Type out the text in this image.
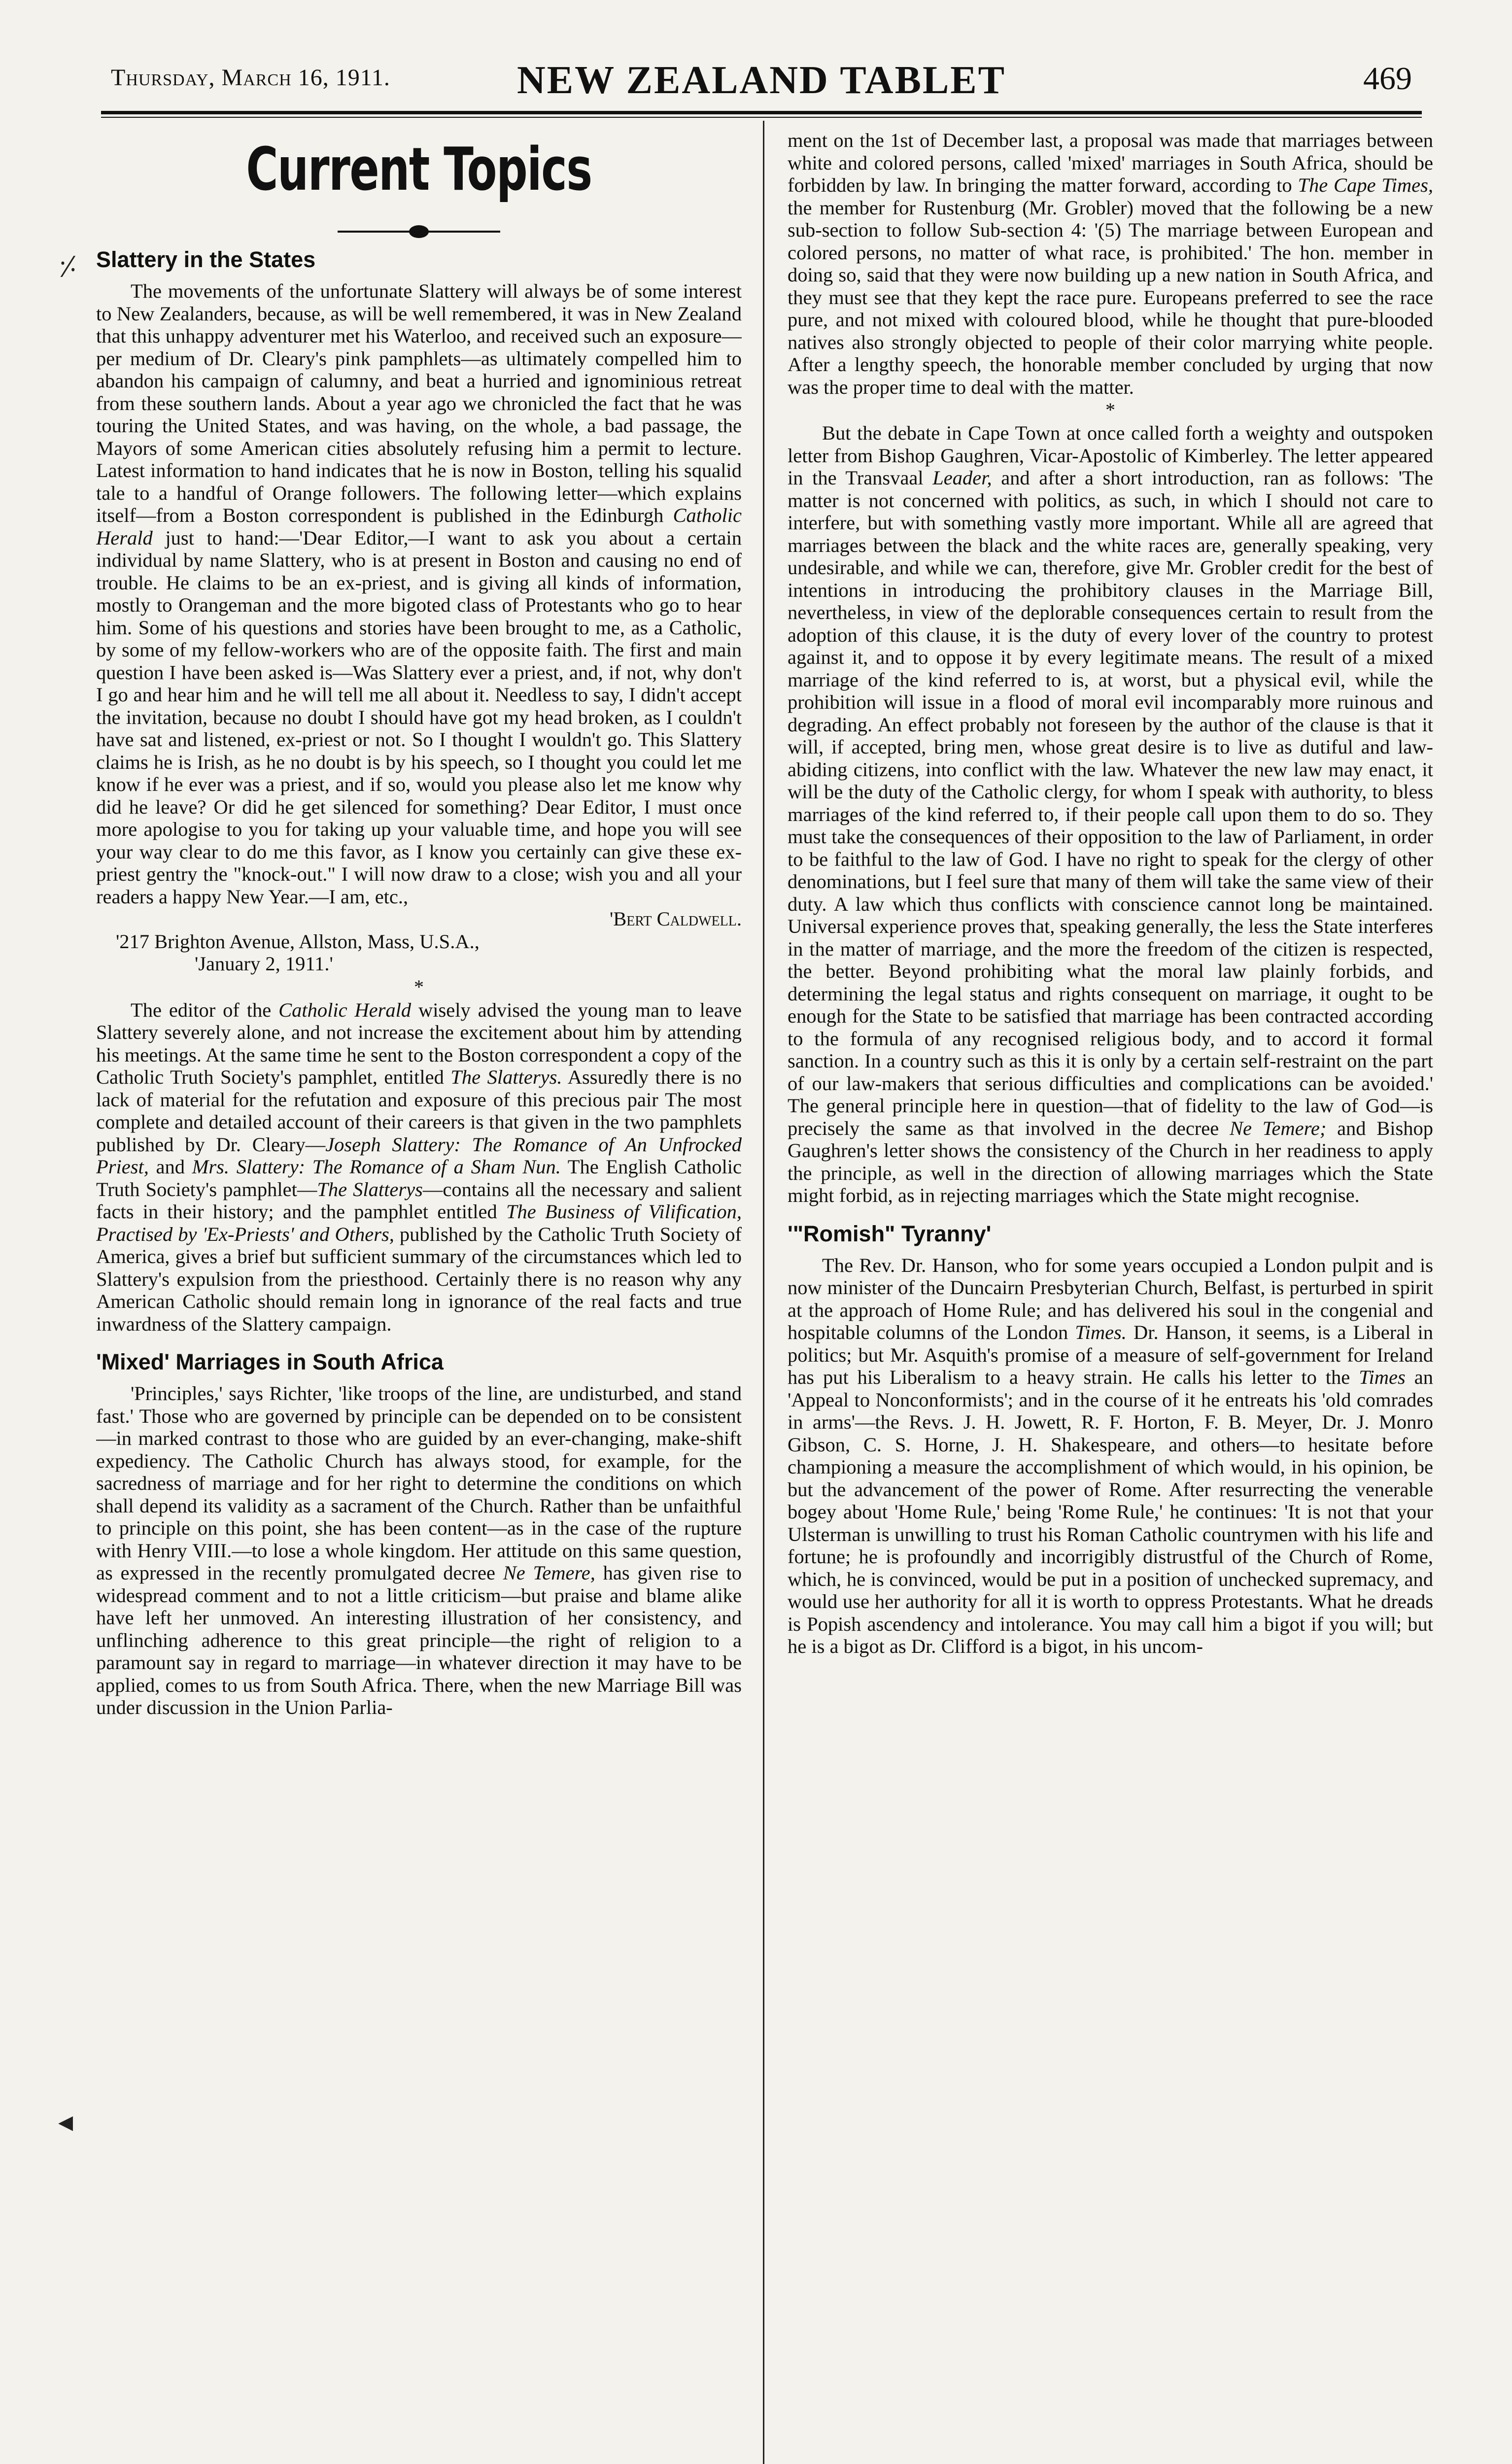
Thursday, March 16, 1911.	NEW ZEALAND TABLET	469
⸓
◂
Current Topics
Slattery in the States

The movements of the unfortunate Slattery will always be of some interest to New Zealanders, because, as will be well remembered, it was in New Zealand that this unhappy adventurer met his Waterloo, and received such an exposure—per medium of Dr. Cleary's pink pamphlets—as ultimately compelled him to abandon his campaign of calumny, and beat a hurried and ignominious retreat from these southern lands. About a year ago we chronicled the fact that he was touring the United States, and was having, on the whole, a bad passage, the Mayors of some American cities absolutely refusing him a permit to lecture. Latest information to hand indicates that he is now in Boston, telling his squalid tale to a handful of Orange followers. The following letter—which explains itself—from a Boston correspondent is published in the Edinburgh Catholic Herald just to hand:—'Dear Editor,—I want to ask you about a certain individual by name Slattery, who is at present in Boston and causing no end of trouble. He claims to be an ex-priest, and is giving all kinds of information, mostly to Orangeman and the more bigoted class of Protestants who go to hear him. Some of his questions and stories have been brought to me, as a Catholic, by some of my fellow-workers who are of the opposite faith. The first and main question I have been asked is—Was Slattery ever a priest, and, if not, why don't I go and hear him and he will tell me all about it. Needless to say, I didn't accept the invitation, because no doubt I should have got my head broken, as I couldn't have sat and listened, ex-priest or not. So I thought I wouldn't go. This Slattery claims he is Irish, as he no doubt is by his speech, so I thought you could let me know if he ever was a priest, and if so, would you please also let me know why did he leave? Or did he get silenced for something? Dear Editor, I must once more apologise to you for taking up your valuable time, and hope you will see your way clear to do me this favor, as I know you certainly can give these ex-priest gentry the "knock-out." I will now draw to a close; wish you and all your readers a happy New Year.—I am, etc.,

'Bert Caldwell.
'217 Brighton Avenue, Allston, Mass, U.S.A.,
'January 2, 1911.'
*

The editor of the Catholic Herald wisely advised the young man to leave Slattery severely alone, and not increase the excitement about him by attending his meetings. At the same time he sent to the Boston correspondent a copy of the Catholic Truth Society's pamphlet, entitled The Slatterys. Assuredly there is no lack of material for the refutation and exposure of this precious pair The most complete and detailed account of their careers is that given in the two pamphlets published by Dr. Cleary—Joseph Slattery: The Romance of An Unfrocked Priest, and Mrs. Slattery: The Romance of a Sham Nun. The English Catholic Truth Society's pamphlet—The Slatterys—contains all the necessary and salient facts in their history; and the pamphlet entitled The Business of Vilification, Practised by 'Ex-Priests' and Others, published by the Catholic Truth Society of America, gives a brief but sufficient summary of the circumstances which led to Slattery's expulsion from the priesthood. Certainly there is no reason why any American Catholic should remain long in ignorance of the real facts and true inwardness of the Slattery campaign.

'Mixed' Marriages in South Africa

'Principles,' says Richter, 'like troops of the line, are undisturbed, and stand fast.' Those who are governed by principle can be depended on to be consistent—in marked contrast to those who are guided by an ever-changing, make-shift expediency. The Catholic Church has always stood, for example, for the sacredness of marriage and for her right to determine the conditions on which shall depend its validity as a sacrament of the Church. Rather than be unfaithful to principle on this point, she has been content—as in the case of the rupture with Henry VIII.—to lose a whole kingdom. Her attitude on this same question, as expressed in the recently promulgated decree Ne Temere, has given rise to widespread comment and to not a little criticism—but praise and blame alike have left her unmoved. An interesting illustration of her consistency, and unflinching adherence to this great principle—the right of religion to a paramount say in regard to marriage—in whatever direction it may have to be applied, comes to us from South Africa. There, when the new Marriage Bill was under discussion in the Union Parlia-

ment on the 1st of December last, a proposal was made that marriages between white and colored persons, called 'mixed' marriages in South Africa, should be forbidden by law. In bringing the matter forward, according to The Cape Times, the member for Rustenburg (Mr. Grobler) moved that the following be a new sub-section to follow Sub-section 4: '(5) The marriage between European and colored persons, no matter of what race, is prohibited.' The hon. member in doing so, said that they were now building up a new nation in South Africa, and they must see that they kept the race pure. Europeans preferred to see the race pure, and not mixed with coloured blood, while he thought that pure-blooded natives also strongly objected to people of their color marrying white people. After a lengthy speech, the honorable member concluded by urging that now was the proper time to deal with the matter.

*

But the debate in Cape Town at once called forth a weighty and outspoken letter from Bishop Gaughren, Vicar-Apostolic of Kimberley. The letter appeared in the Transvaal Leader, and after a short introduction, ran as follows: 'The matter is not concerned with politics, as such, in which I should not care to interfere, but with something vastly more important. While all are agreed that marriages between the black and the white races are, generally speaking, very undesirable, and while we can, therefore, give Mr. Grobler credit for the best of intentions in introducing the prohibitory clauses in the Marriage Bill, nevertheless, in view of the deplorable consequences certain to result from the adoption of this clause, it is the duty of every lover of the country to protest against it, and to oppose it by every legitimate means. The result of a mixed marriage of the kind referred to is, at worst, but a physical evil, while the prohibition will issue in a flood of moral evil incomparably more ruinous and degrading. An effect probably not foreseen by the author of the clause is that it will, if accepted, bring men, whose great desire is to live as dutiful and law-abiding citizens, into conflict with the law. Whatever the new law may enact, it will be the duty of the Catholic clergy, for whom I speak with authority, to bless marriages of the kind referred to, if their people call upon them to do so. They must take the consequences of their opposition to the law of Parliament, in order to be faithful to the law of God. I have no right to speak for the clergy of other denominations, but I feel sure that many of them will take the same view of their duty. A law which thus conflicts with conscience cannot long be maintained. Universal experience proves that, speaking generally, the less the State interferes in the matter of marriage, and the more the freedom of the citizen is respected, the better. Beyond prohibiting what the moral law plainly forbids, and determining the legal status and rights consequent on marriage, it ought to be enough for the State to be satisfied that marriage has been contracted according to the formula of any recognised religious body, and to accord it formal sanction. In a country such as this it is only by a certain self-restraint on the part of our law-makers that serious difficulties and complications can be avoided.' The general principle here in question—that of fidelity to the law of God—is precisely the same as that involved in the decree Ne Temere; and Bishop Gaughren's letter shows the consistency of the Church in her readiness to apply the principle, as well in the direction of allowing marriages which the State might forbid, as in rejecting marriages which the State might recognise.

'"Romish" Tyranny'

The Rev. Dr. Hanson, who for some years occupied a London pulpit and is now minister of the Duncairn Presbyterian Church, Belfast, is perturbed in spirit at the approach of Home Rule; and has delivered his soul in the congenial and hospitable columns of the London Times. Dr. Hanson, it seems, is a Liberal in politics; but Mr. Asquith's promise of a measure of self-government for Ireland has put his Liberalism to a heavy strain. He calls his letter to the Times an 'Appeal to Nonconformists'; and in the course of it he entreats his 'old comrades in arms'—the Revs. J. H. Jowett, R. F. Horton, F. B. Meyer, Dr. J. Monro Gibson, C. S. Horne, J. H. Shakespeare, and others—to hesitate before championing a measure the accomplishment of which would, in his opinion, be but the advancement of the power of Rome. After resurrecting the venerable bogey about 'Home Rule,' being 'Rome Rule,' he continues: 'It is not that your Ulsterman is unwilling to trust his Roman Catholic countrymen with his life and fortune; he is profoundly and incorrigibly distrustful of the Church of Rome, which, he is convinced, would be put in a position of unchecked supremacy, and would use her authority for all it is worth to oppress Protestants. What he dreads is Popish ascendency and intolerance. You may call him a bigot if you will; but he is a bigot as Dr. Clifford is a bigot, in his uncom-
